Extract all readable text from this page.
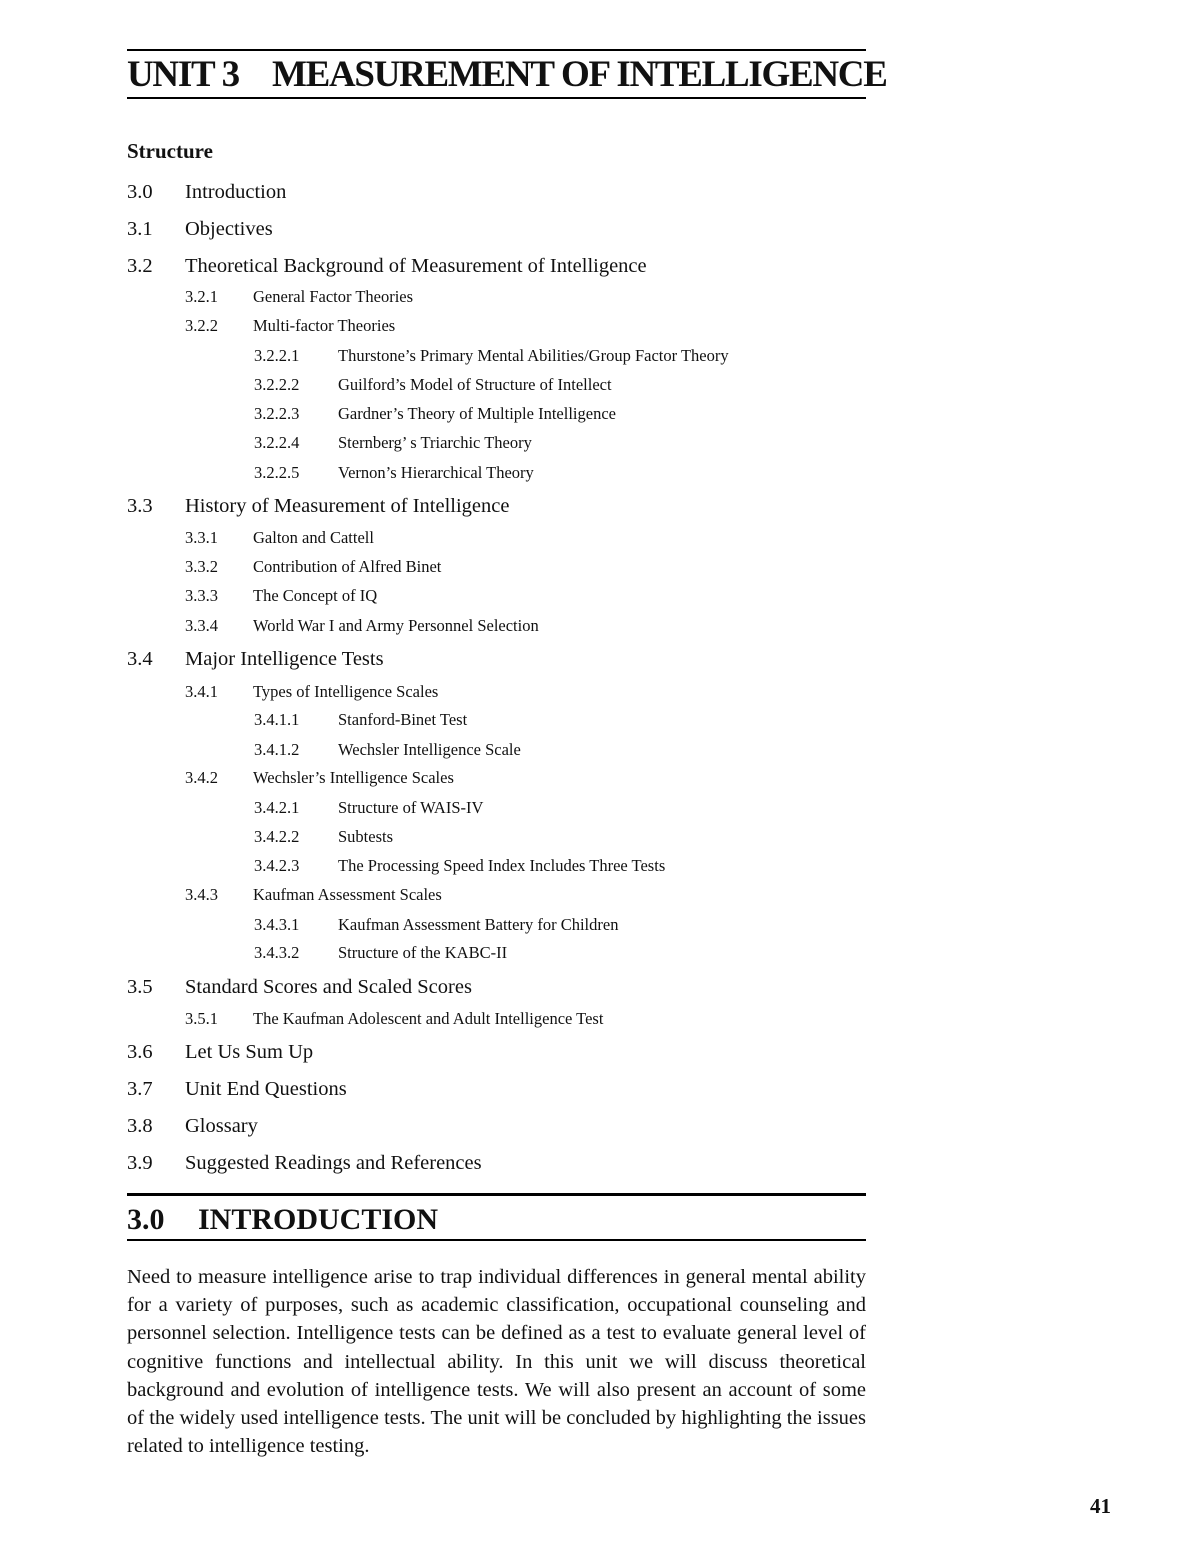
UNIT 3 MEASUREMENT OF INTELLIGENCE
Structure
3.0 Introduction
3.1 Objectives
3.2 Theoretical Background of Measurement of Intelligence
3.2.1 General Factor Theories
3.2.2 Multi-factor Theories
3.2.2.1 Thurstone’s Primary Mental Abilities/Group Factor Theory
3.2.2.2 Guilford’s Model of Structure of Intellect
3.2.2.3 Gardner’s Theory of Multiple Intelligence
3.2.2.4 Sternberg’ s Triarchic Theory
3.2.2.5 Vernon’s Hierarchical Theory
3.3 History of Measurement of Intelligence
3.3.1 Galton and Cattell
3.3.2 Contribution of Alfred Binet
3.3.3 The Concept of IQ
3.3.4 World War I and Army Personnel Selection
3.4 Major Intelligence Tests
3.4.1 Types of Intelligence Scales
3.4.1.1 Stanford-Binet Test
3.4.1.2 Wechsler Intelligence Scale
3.4.2 Wechsler’s Intelligence Scales
3.4.2.1 Structure of WAIS-IV
3.4.2.2 Subtests
3.4.2.3 The Processing Speed Index Includes Three Tests
3.4.3 Kaufman Assessment Scales
3.4.3.1 Kaufman Assessment Battery for Children
3.4.3.2 Structure of the KABC-II
3.5 Standard Scores and Scaled Scores
3.5.1 The Kaufman Adolescent and Adult Intelligence Test
3.6 Let Us Sum Up
3.7 Unit End Questions
3.8 Glossary
3.9 Suggested Readings and References
3.0 INTRODUCTION

Need to measure intelligence arise to trap individual differences in general mental ability for a variety of purposes, such as academic classification, occupational counseling and personnel selection. Intelligence tests can be defined as a test to evaluate general level of cognitive functions and intellectual ability. In this unit we will discuss theoretical background and evolution of intelligence tests. We will also present an account of some of the widely used intelligence tests. The unit will be concluded by highlighting the issues related to intelligence testing.

41
